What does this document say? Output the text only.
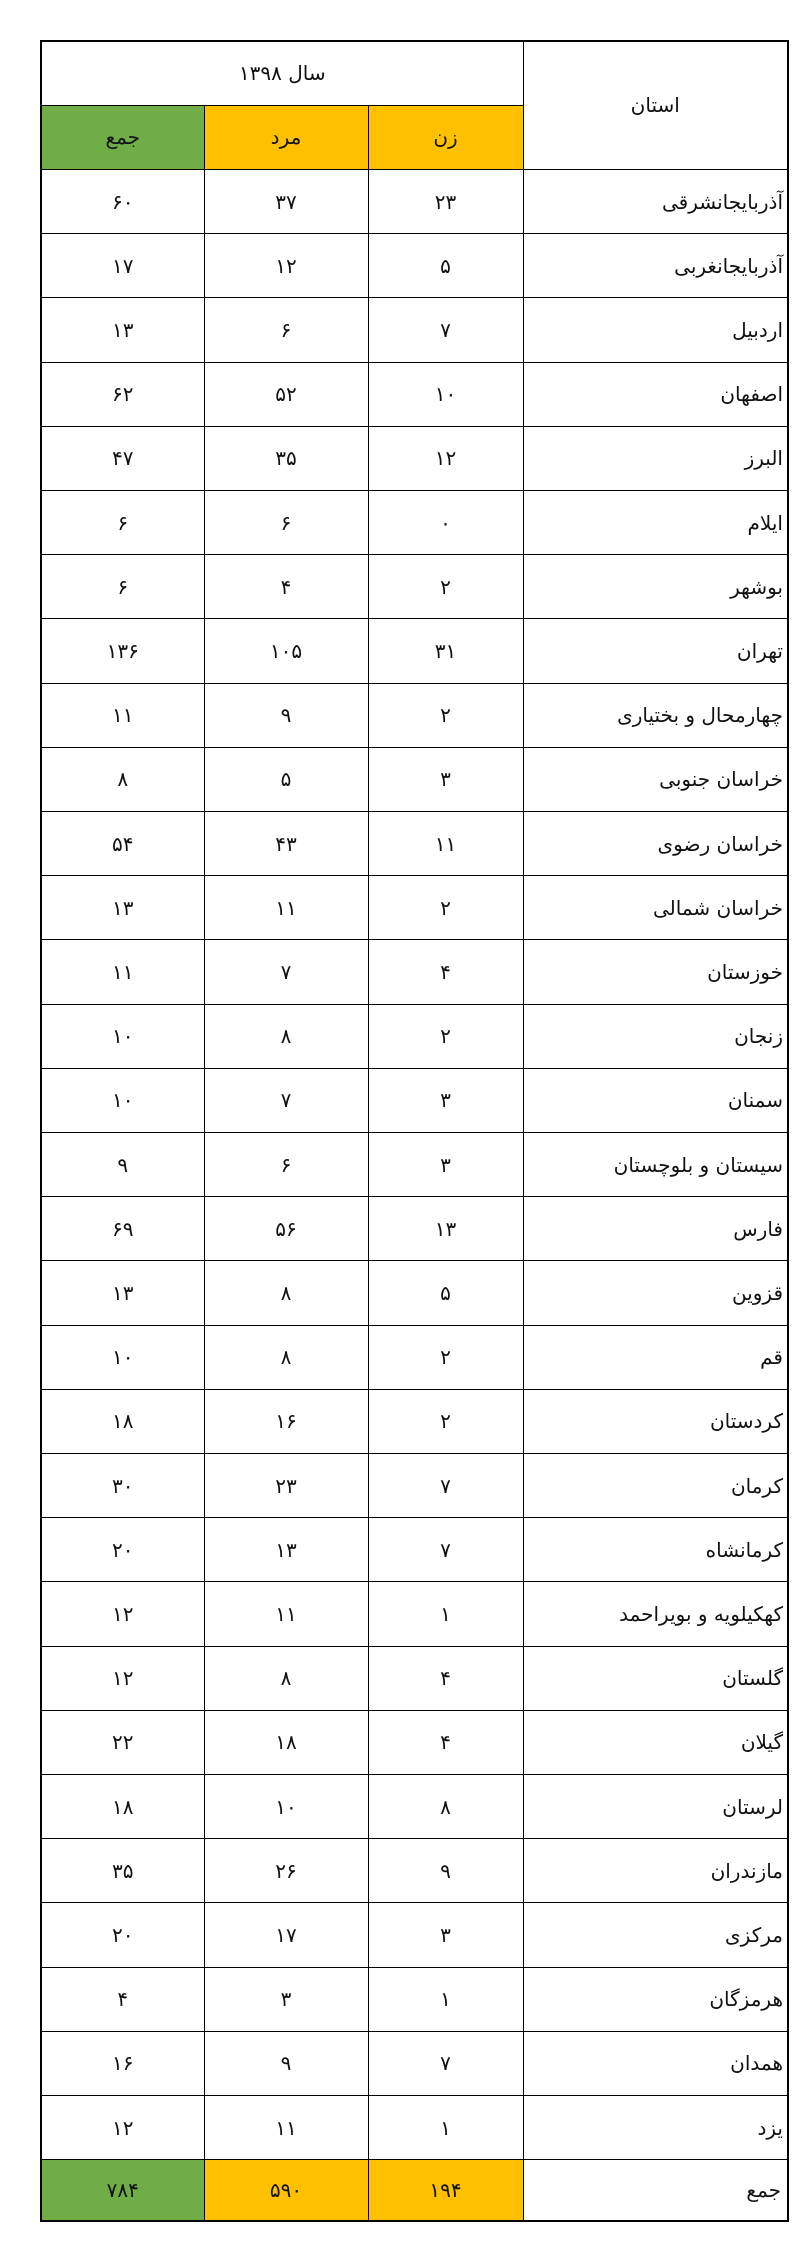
استان	سال ۱۳۹۸		
	زن	مرد	جمع
آذربایجانشرقی	۲۳	۳۷	۶۰
آذربایجانغربی	۵	۱۲	۱۷
اردبیل	۷	۶	۱۳
اصفهان	۱۰	۵۲	۶۲
البرز	۱۲	۳۵	۴۷
ایلام	۰	۶	۶
بوشهر	۲	۴	۶
تهران	۳۱	۱۰۵	۱۳۶
چهارمحال و بختیاری	۲	۹	۱۱
خراسان جنوبی	۳	۵	۸
خراسان رضوی	۱۱	۴۳	۵۴
خراسان شمالی	۲	۱۱	۱۳
خوزستان	۴	۷	۱۱
زنجان	۲	۸	۱۰
سمنان	۳	۷	۱۰
سیستان و بلوچستان	۳	۶	۹
فارس	۱۳	۵۶	۶۹
قزوین	۵	۸	۱۳
قم	۲	۸	۱۰
کردستان	۲	۱۶	۱۸
کرمان	۷	۲۳	۳۰
کرمانشاه	۷	۱۳	۲۰
کهکیلویه و بویراحمد	۱	۱۱	۱۲
گلستان	۴	۸	۱۲
گیلان	۴	۱۸	۲۲
لرستان	۸	۱۰	۱۸
مازندران	۹	۲۶	۳۵
مرکزی	۳	۱۷	۲۰
هرمزگان	۱	۳	۴
همدان	۷	۹	۱۶
یزد	۱	۱۱	۱۲
جمع	۱۹۴	۵۹۰	۷۸۴
